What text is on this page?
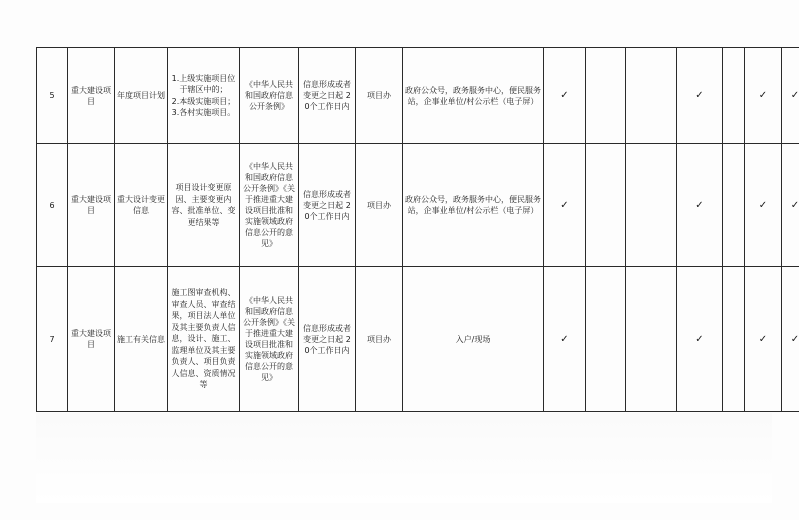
5	重大建设项目	年度项目计划	1.上级实施项目位于辖区中的；
2.本级实施项目；
3.各村实施项目。	《中华人民共和国政府信息公开条例》	信息形成或者变更之日起 20个工作日内	项目办	政府公众号，政务服务中心，便民服务站，企事业单位/村公示栏（电子屏）	✓			✓		✓	✓
6	重大建设项目	重大设计变更信息	项目设计变更原因、主要变更内容、批准单位、变更结果等	《中华人民共和国政府信息公开条例》《关于推进重大建设项目批准和实施领域政府信息公开的意见》	信息形成或者变更之日起 20个工作日内	项目办	政府公众号，政务服务中心，便民服务站，企事业单位/村公示栏（电子屏）	✓			✓		✓	✓
7	重大建设项目	施工有关信息	施工图审查机构、审查人员、审查结果，项目法人单位及其主要负责人信息，设计、施工、监理单位及其主要负责人、项目负责人信息、资质情况等	《中华人民共和国政府信息公开条例》《关于推进重大建设项目批准和实施领域政府信息公开的意见》	信息形成或者变更之日起 20个工作日内	项目办	入户/现场	✓			✓		✓	✓
